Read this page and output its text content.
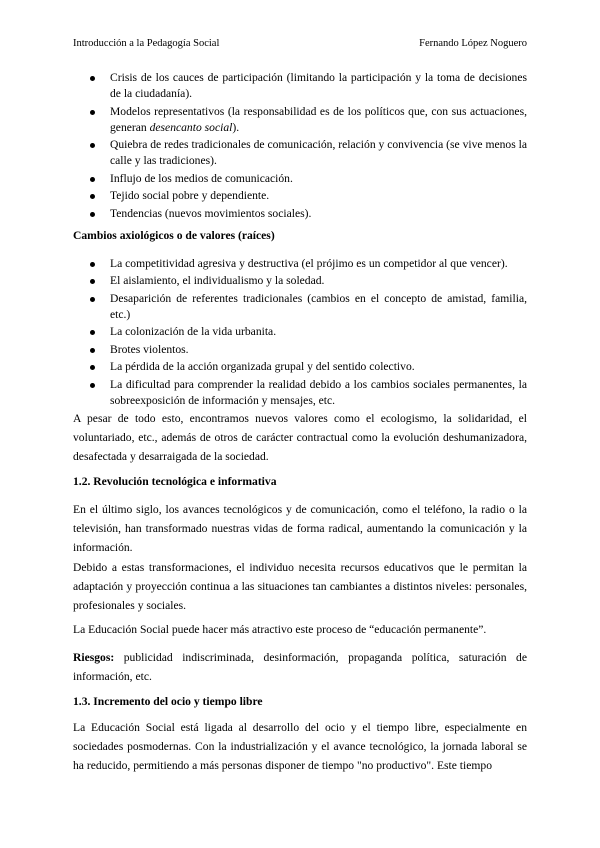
Introducción a la Pedagogía Social	Fernando López Noguero
Crisis de los cauces de participación (limitando la participación y la toma de decisiones de la ciudadanía).
Modelos representativos (la responsabilidad es de los políticos que, con sus actuaciones, generan desencanto social).
Quiebra de redes tradicionales de comunicación, relación y convivencia (se vive menos la calle y las tradiciones).
Influjo de los medios de comunicación.
Tejido social pobre y dependiente.
Tendencias (nuevos movimientos sociales).
Cambios axiológicos o de valores (raíces)
La competitividad agresiva y destructiva (el prójimo es un competidor al que vencer).
El aislamiento, el individualismo y la soledad.
Desaparición de referentes tradicionales (cambios en el concepto de amistad, familia, etc.)
La colonización de la vida urbanita.
Brotes violentos.
La pérdida de la acción organizada grupal y del sentido colectivo.
La dificultad para comprender la realidad debido a los cambios sociales permanentes, la sobreexposición de información y mensajes, etc.

A pesar de todo esto, encontramos nuevos valores como el ecologismo, la solidaridad, el voluntariado, etc., además de otros de carácter contractual como la evolución deshumanizadora, desafectada y desarraigada de la sociedad.

1.2. Revolución tecnológica e informativa

En el último siglo, los avances tecnológicos y de comunicación, como el teléfono, la radio o la televisión, han transformado nuestras vidas de forma radical, aumentando la comunicación y la información.

Debido a estas transformaciones, el individuo necesita recursos educativos que le permitan la adaptación y proyección continua a las situaciones tan cambiantes a distintos niveles: personales, profesionales y sociales.

La Educación Social puede hacer más atractivo este proceso de “educación permanente”.

Riesgos: publicidad indiscriminada, desinformación, propaganda política, saturación de información, etc.

1.3. Incremento del ocio y tiempo libre

La Educación Social está ligada al desarrollo del ocio y el tiempo libre, especialmente en sociedades posmodernas. Con la industrialización y el avance tecnológico, la jornada laboral se ha reducido, permitiendo a más personas disponer de tiempo "no productivo". Este tiempo
